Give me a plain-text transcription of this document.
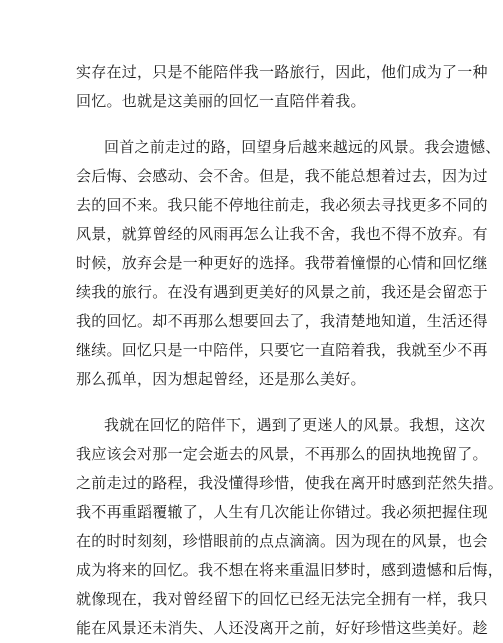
实存在过，只是不能陪伴我一路旅行，因此，他们成为了一种
回忆。也就是这美丽的回忆一直陪伴着我。
回首之前走过的路，回望身后越来越远的风景。我会遗憾、
会后悔、会感动、会不舍。但是，我不能总想着过去，因为过
去的回不来。我只能不停地往前走，我必须去寻找更多不同的
风景，就算曾经的风雨再怎么让我不舍，我也不得不放弃。有
时候，放弃会是一种更好的选择。我带着憧憬的心情和回忆继
续我的旅行。在没有遇到更美好的风景之前，我还是会留恋于
我的回忆。却不再那么想要回去了，我清楚地知道，生活还得
继续。回忆只是一中陪伴，只要它一直陪着我，我就至少不再
那么孤单，因为想起曾经，还是那么美好。
我就在回忆的陪伴下，遇到了更迷人的风景。我想，这次
我应该会对那一定会逝去的风景，不再那么的固执地挽留了。
之前走过的路程，我没懂得珍惜，使我在离开时感到茫然失措。
我不再重蹈覆辙了，人生有几次能让你错过。我必须把握住现
在的时时刻刻，珍惜眼前的点点滴滴。因为现在的风景，也会
成为将来的回忆。我不想在将来重温旧梦时，感到遗憾和后悔，
就像现在，我对曾经留下的回忆已经无法完全拥有一样，我只
能在风景还未消失、人还没离开之前，好好珍惜这些美好。趁
